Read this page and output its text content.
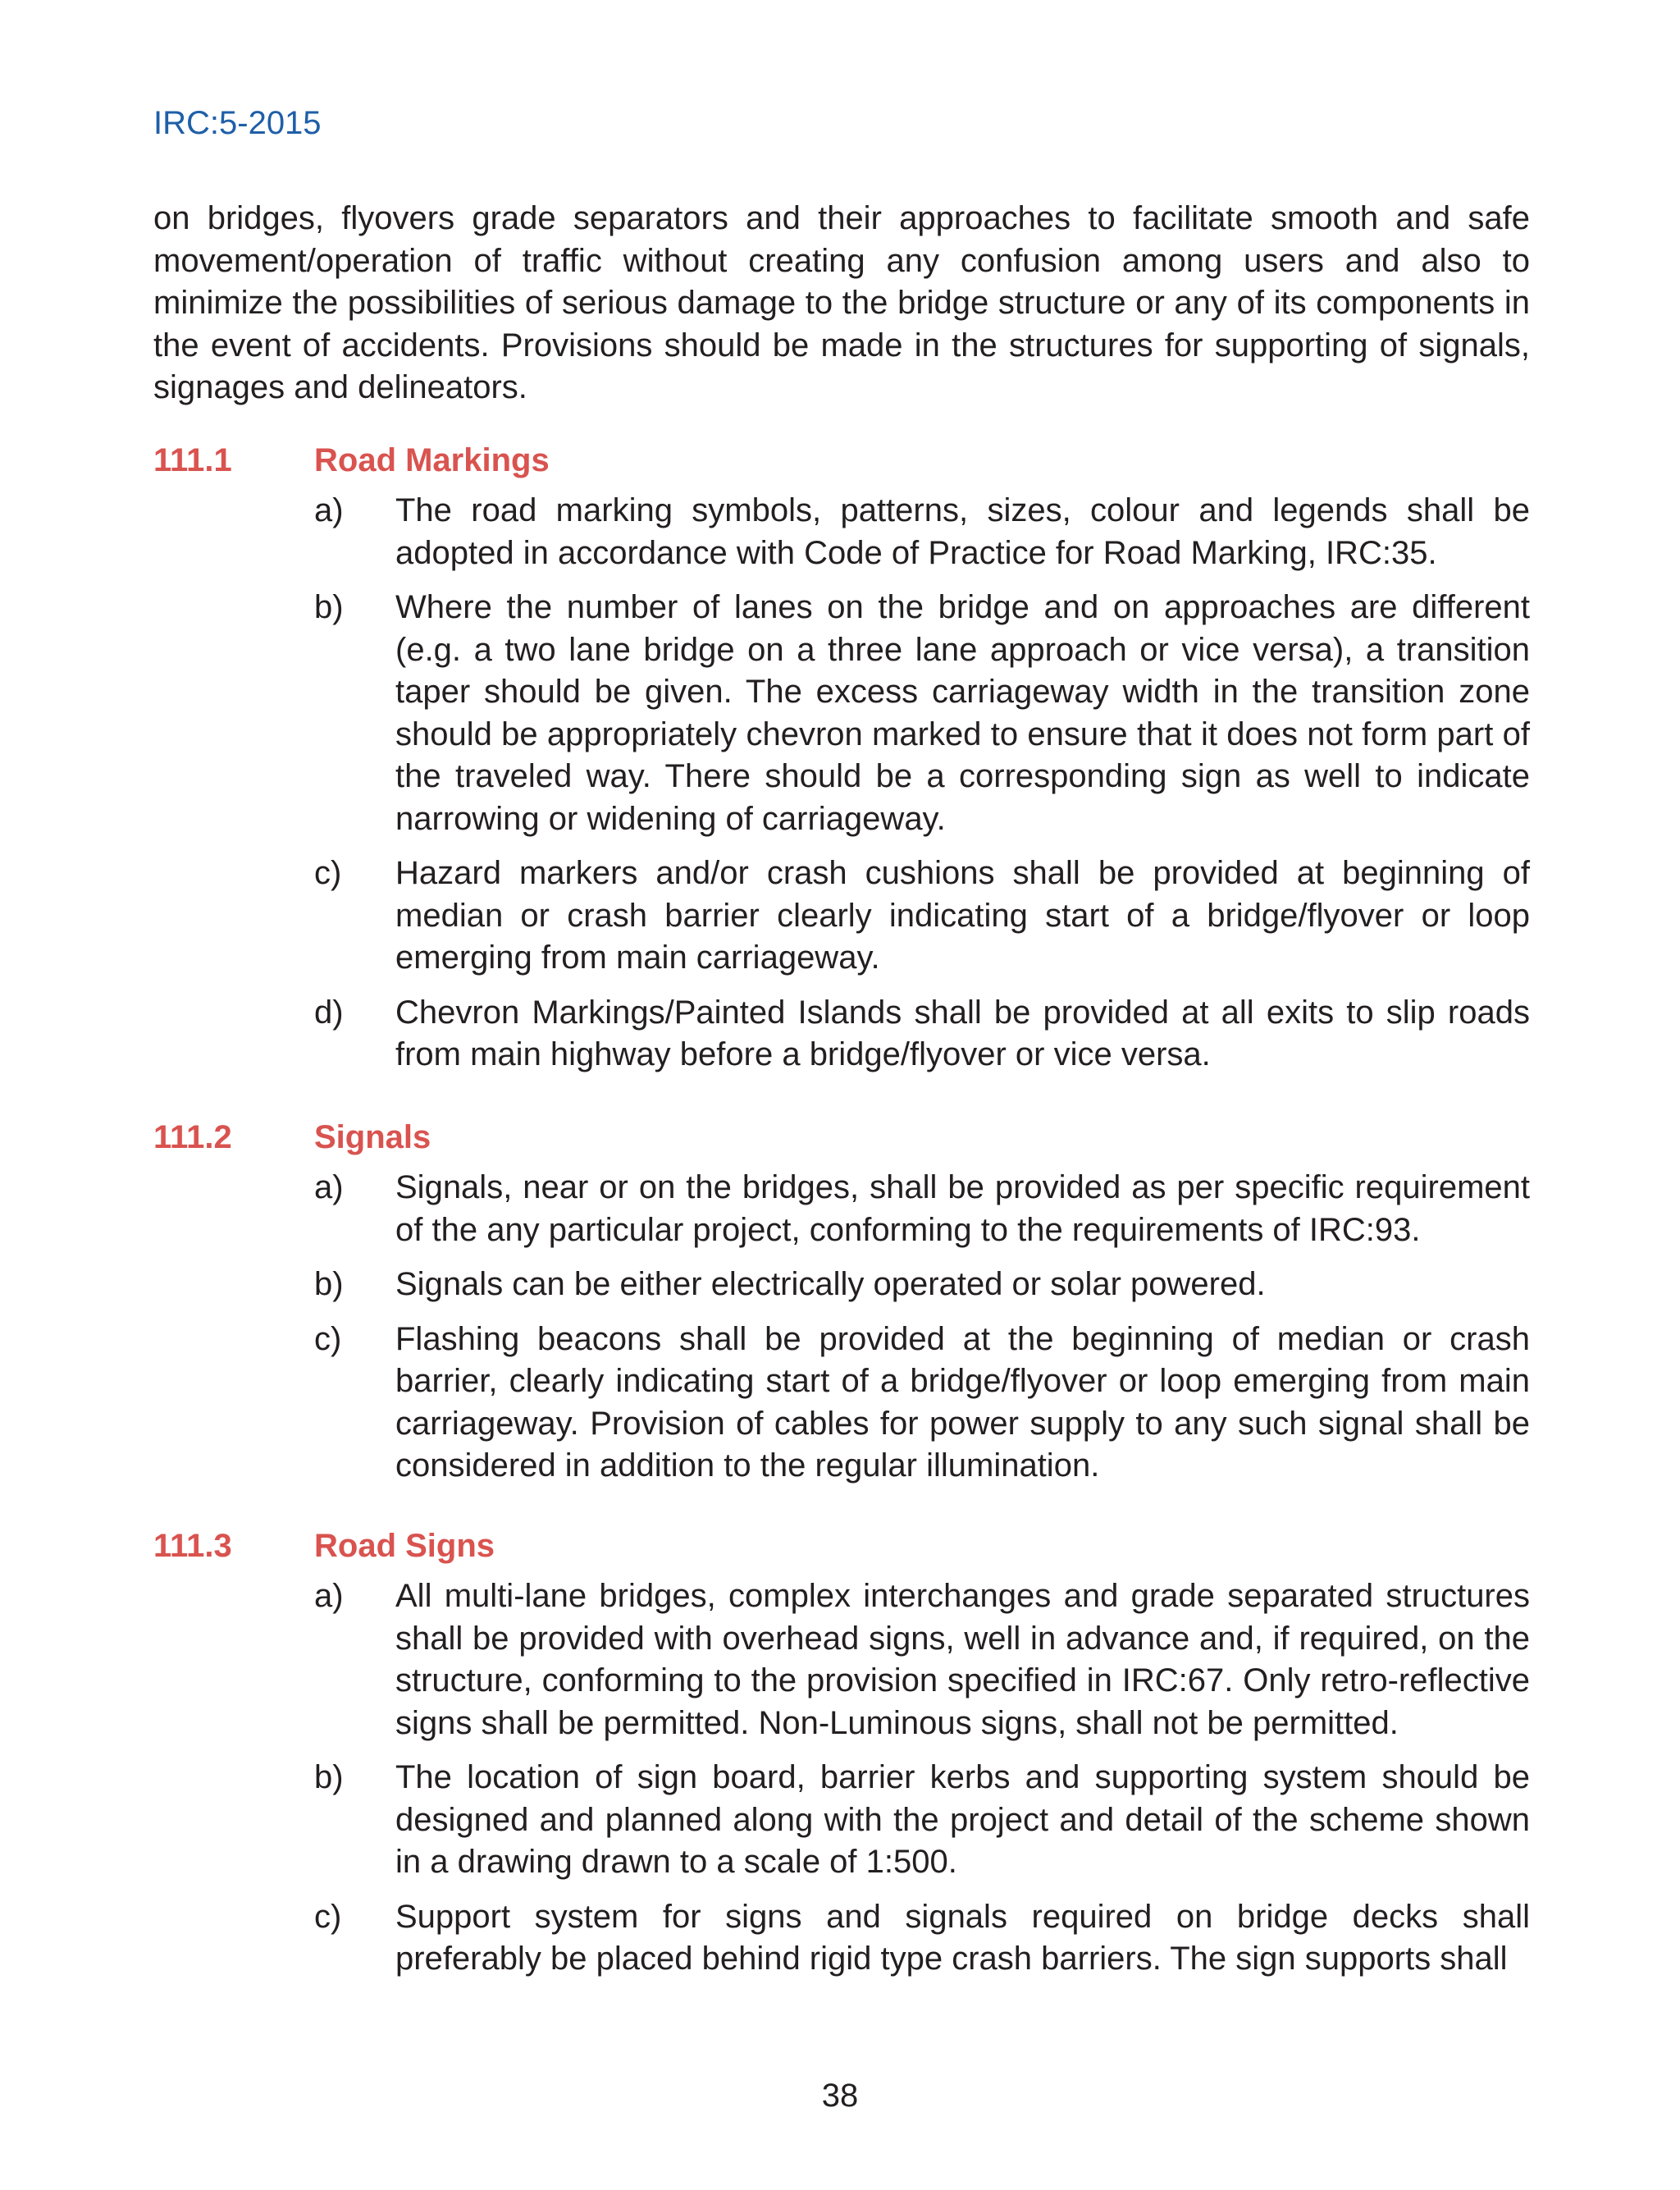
IRC:5-2015

on bridges, flyovers grade separators and their approaches to facilitate smooth and safe movement/operation of traffic without creating any confusion among users and also to minimize the possibilities of serious damage to the bridge structure or any of its components in the event of accidents. Provisions should be made in the structures for supporting of signals, signages and delineators.

111.1	Road Markings
a) The road marking symbols, patterns, sizes, colour and legends shall be adopted in accordance with Code of Practice for Road Marking, IRC:35.
b) Where the number of lanes on the bridge and on approaches are different (e.g. a two lane bridge on a three lane approach or vice versa), a transition taper should be given. The excess carriageway width in the transition zone should be appropriately chevron marked to ensure that it does not form part of the traveled way. There should be a corresponding sign as well to indicate narrowing or widening of carriageway.
c) Hazard markers and/or crash cushions shall be provided at beginning of median or crash barrier clearly indicating start of a bridge/flyover or loop emerging from main carriageway.
d) Chevron Markings/Painted Islands shall be provided at all exits to slip roads from main highway before a bridge/flyover or vice versa.
111.2	Signals
a) Signals, near or on the bridges, shall be provided as per specific requirement of the any particular project, conforming to the requirements of IRC:93.
b) Signals can be either electrically operated or solar powered.
c) Flashing beacons shall be provided at the beginning of median or crash barrier, clearly indicating start of a bridge/flyover or loop emerging from main carriageway. Provision of cables for power supply to any such signal shall be considered in addition to the regular illumination.
111.3	Road Signs
a) All multi-lane bridges, complex interchanges and grade separated structures shall be provided with overhead signs, well in advance and, if required, on the structure, conforming to the provision specified in IRC:67. Only retro-reflective signs shall be permitted. Non-Luminous signs, shall not be permitted.
b) The location of sign board, barrier kerbs and supporting system should be designed and planned along with the project and detail of the scheme shown in a drawing drawn to a scale of 1:500.
c) Support system for signs and signals required on bridge decks shall preferably be placed behind rigid type crash barriers. The sign supports shall
38
